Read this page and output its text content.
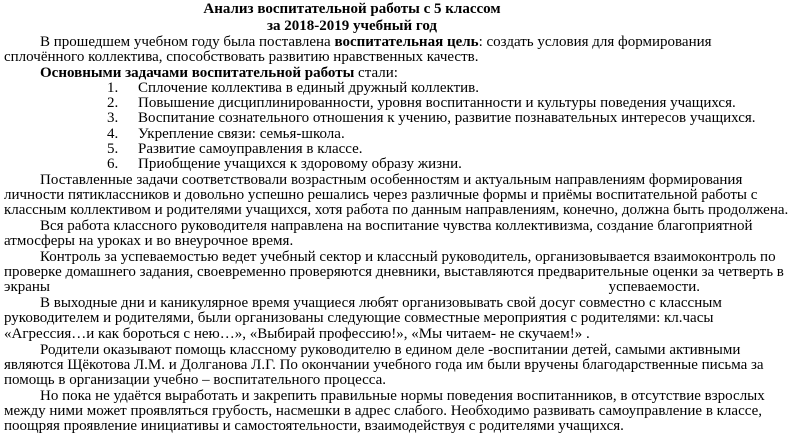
Анализ воспитательной работы с 5 классом
за 2018-2019 учебный год
В прошедшем учебном году была поставлена воспитательная цель: создать условия для формирования
сплочённого коллектива, способствовать развитию нравственных качеств.
Основными задачами воспитательной работы стали:
1. Сплочение коллектива в единый дружный коллектив.
2. Повышение дисциплинированности, уровня воспитанности и культуры поведения учащихся.
3. Воспитание сознательного отношения к учению, развитие познавательных интересов учащихся.
4. Укрепление связи: семья-школа.
5. Развитие самоуправления в классе.
6. Приобщение учащихся к здоровому образу жизни.
Поставленные задачи соответствовали возрастным особенностям и актуальным направлениям формирования
личности пятиклассников и довольно успешно решались через различные формы и приёмы воспитательной работы с
классным коллективом и родителями учащихся, хотя работа по данным направлениям, конечно, должна быть продолжена.
Вся работа классного руководителя направлена на воспитание чувства коллективизма, создание благоприятной
атмосферы на уроках и во внеурочное время.
Контроль за успеваемостью ведет учебный сектор и классный руководитель, организовывается взаимоконтроль по
проверке домашнего задания, своевременно проверяются дневники, выставляются предварительные оценки за четверть в
экраны	успеваемости.
В выходные дни и каникулярное время учащиеся любят организовывать свой досуг совместно с классным
руководителем и родителями, были организованы следующие совместные мероприятия с родителями: кл.часы
«Агрессия…и как бороться с нею…», «Выбирай профессию!», «Мы читаем- не скучаем!» .
Родители оказывают помощь классному руководителю в едином деле -воспитании детей, самыми активными
являются Щёкотова Л.М. и Долганова Л.Г. По окончании учебного года им были вручены благодарственные письма за
помощь в организации учебно – воспитательного процесса.
Но пока не удаётся выработать и закрепить правильные нормы поведения воспитанников, в отсутствие взрослых
между ними может проявляться грубость, насмешки в адрес слабого. Необходимо развивать самоуправление в классе,
поощряя проявление инициативы и самостоятельности, взаимодействуя с родителями учащихся.
